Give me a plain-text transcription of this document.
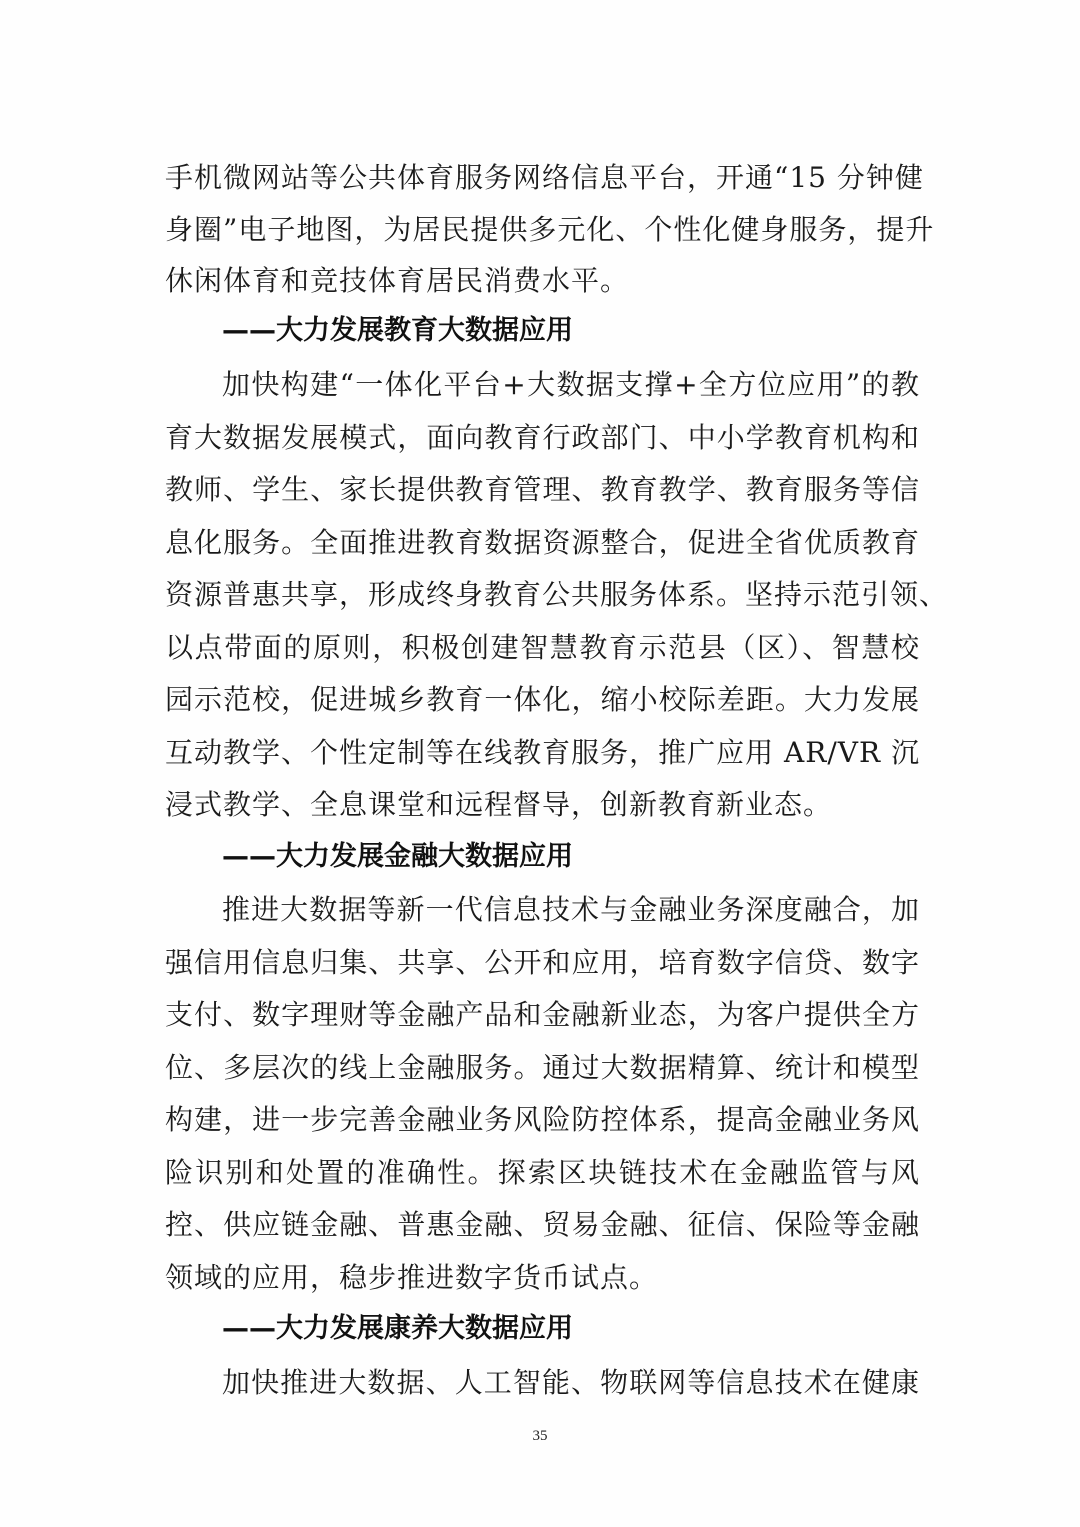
手机微网站等公共体育服务网络信息平台，开通“15 分钟健
身圈”电子地图，为居民提供多元化、个性化健身服务，提升
休闲体育和竞技体育居民消费水平。
——大力发展教育大数据应用
加快构建“一体化平台+大数据支撑+全方位应用”的教
育大数据发展模式，面向教育行政部门、中小学教育机构和
教师、学生、家长提供教育管理、教育教学、教育服务等信
息化服务。全面推进教育数据资源整合，促进全省优质教育
资源普惠共享，形成终身教育公共服务体系。坚持示范引领、
以点带面的原则，积极创建智慧教育示范县（区）、智慧校
园示范校，促进城乡教育一体化，缩小校际差距。大力发展
互动教学、个性定制等在线教育服务，推广应用 AR/VR 沉
浸式教学、全息课堂和远程督导，创新教育新业态。
——大力发展金融大数据应用
推进大数据等新一代信息技术与金融业务深度融合，加
强信用信息归集、共享、公开和应用，培育数字信贷、数字
支付、数字理财等金融产品和金融新业态，为客户提供全方
位、多层次的线上金融服务。通过大数据精算、统计和模型
构建，进一步完善金融业务风险防控体系，提高金融业务风
险识别和处置的准确性。探索区块链技术在金融监管与风
控、供应链金融、普惠金融、贸易金融、征信、保险等金融
领域的应用，稳步推进数字货币试点。
——大力发展康养大数据应用
加快推进大数据、人工智能、物联网等信息技术在健康
35
